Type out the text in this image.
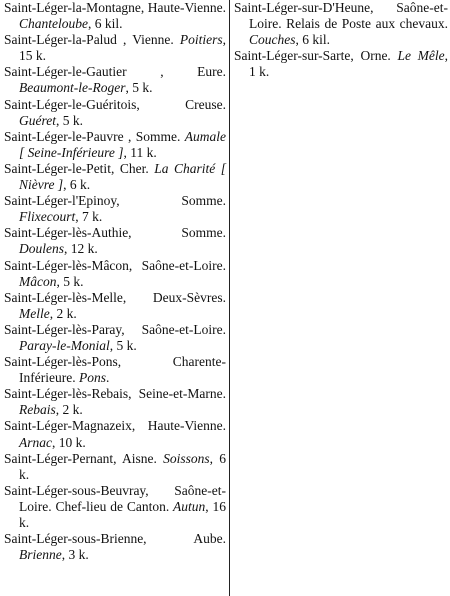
Saint-Léger-la-Montagne, Haute-Vienne. Chanteloube, 6 kil.

Saint-Léger-la-Palud , Vienne. Poitiers, 15 k.

Saint-Léger-le-Gautier , Eure. Beaumont-le-Roger, 5 k.

Saint-Léger-le-Guéritois, Creuse. Guéret, 5 k.

Saint-Léger-le-Pauvre , Somme. Aumale [ Seine-Inférieure ], 11 k.

Saint-Léger-le-Petit, Cher. La Charité [ Nièvre ], 6 k.

Saint-Léger-l'Epinoy, Somme. Flixecourt, 7 k.

Saint-Léger-lès-Authie, Somme. Doulens, 12 k.

Saint-Léger-lès-Mâcon, Saône-et-Loire. Mâcon, 5 k.

Saint-Léger-lès-Melle, Deux-Sèvres. Melle, 2 k.

Saint-Léger-lès-Paray, Saône-et-Loire. Paray-le-Monial, 5 k.

Saint-Léger-lès-Pons, Charente-Inférieure. Pons.

Saint-Léger-lès-Rebais, Seine-et-Marne. Rebais, 2 k.

Saint-Léger-Magnazeix, Haute-Vienne. Arnac, 10 k.

Saint-Léger-Pernant, Aisne. Soissons, 6 k.

Saint-Léger-sous-Beuvray, Saône-et-Loire. Chef-lieu de Canton. Autun, 16 k.

Saint-Léger-sous-Brienne, Aube. Brienne, 3 k.

Saint-Léger-sur-D'Heune, Saône-et-Loire. Relais de Poste aux chevaux. Couches, 6 kil.

Saint-Léger-sur-Sarte, Orne. Le Mêle, 1 k.
